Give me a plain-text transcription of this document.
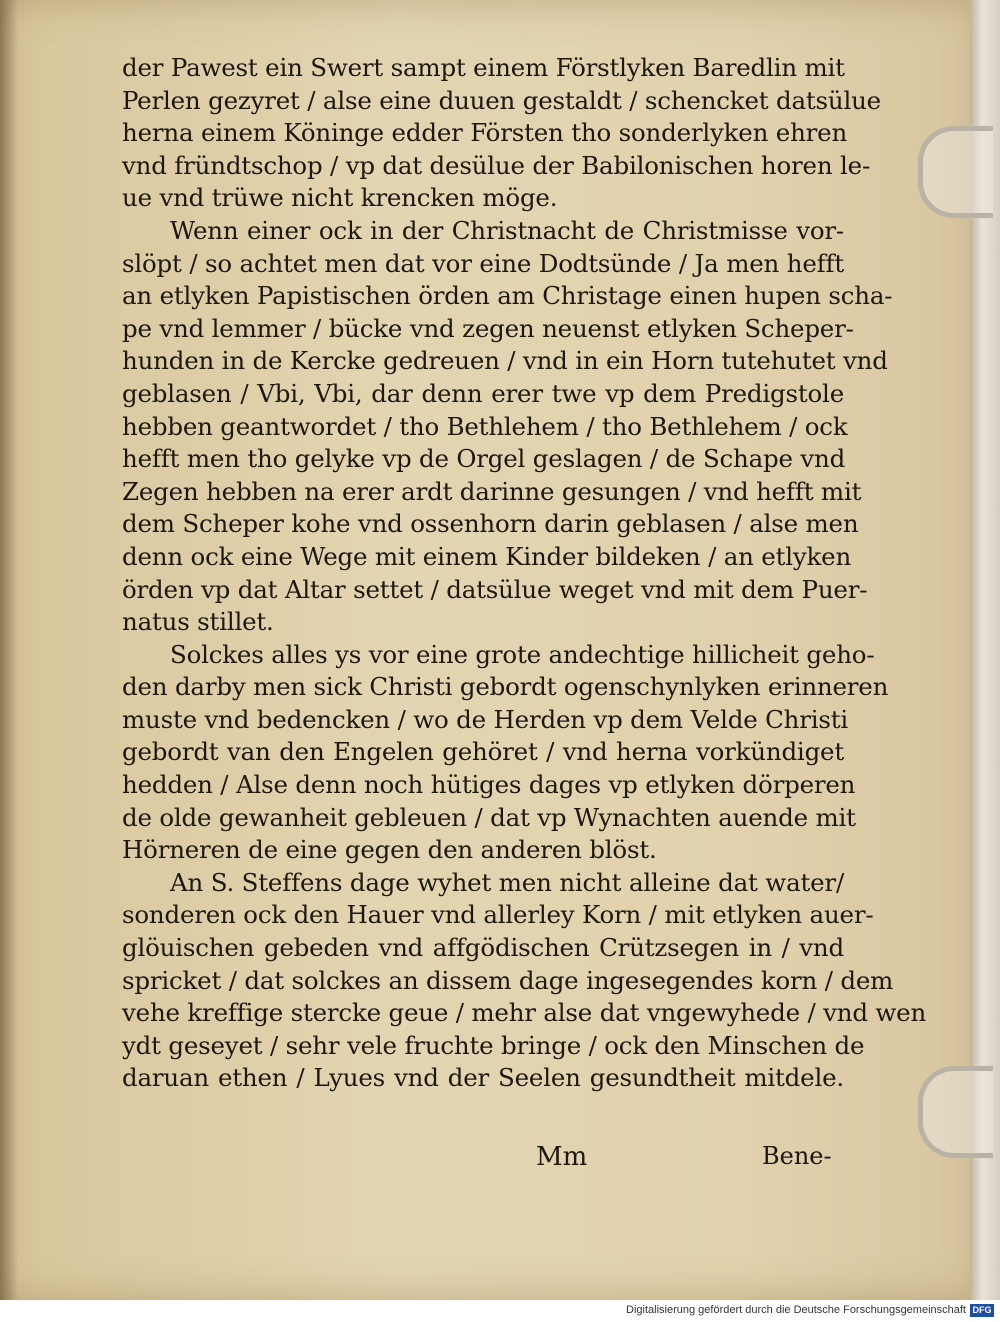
der Pawest ein Swert sampt einem Förstlyken Baredlin mit
Perlen gezyret / alse eine duuen gestaldt / schencket datsülue
herna einem Köninge edder Försten tho sonderlyken ehren
vnd fründtschop / vp dat desülue der Babilonischen horen le-
ue vnd trüwe nicht krencken möge.
Wenn einer ock in der Christnacht de Christmisse vor-
slöpt / so achtet men dat vor eine Dodtsünde / Ja men hefft
an etlyken Papistischen örden am Christage einen hupen scha-
pe vnd lemmer / bücke vnd zegen neuenst etlyken Scheper-
hunden in de Kercke gedreuen / vnd in ein Horn tutehutet vnd
geblasen / Vbi, Vbi, dar denn erer twe vp dem Predigstole
hebben geantwordet / tho Bethlehem / tho Bethlehem / ock
hefft men tho gelyke vp de Orgel geslagen / de Schape vnd
Zegen hebben na erer ardt darinne gesungen / vnd hefft mit
dem Scheper kohe vnd ossenhorn darin geblasen / alse men
denn ock eine Wege mit einem Kinder bildeken / an etlyken
örden vp dat Altar settet / datsülue weget vnd mit dem Puer-
natus stillet.
Solckes alles ys vor eine grote andechtige hillicheit geho-
den darby men sick Christi gebordt ogenschynlyken erinneren
muste vnd bedencken / wo de Herden vp dem Velde Christi
gebordt van den Engelen gehöret / vnd herna vorkündiget
hedden / Alse denn noch hütiges dages vp etlyken dörperen
de olde gewanheit gebleuen / dat vp Wynachten auende mit
Hörneren de eine gegen den anderen blöst.
An S. Steffens dage wyhet men nicht alleine dat water/
sonderen ock den Hauer vnd allerley Korn / mit etlyken auer-
glöuischen gebeden vnd affgödischen Crützsegen in / vnd
spricket / dat solckes an dissem dage ingesegendes korn / dem
vehe kreffige stercke geue / mehr alse dat vngewyhede / vnd wen
ydt geseyet / sehr vele fruchte bringe / ock den Minschen de
daruan ethen / Lyues vnd der Seelen gesundtheit mitdele.
Mm	Bene-
Digitalisierung gefördert durch die Deutsche Forschungsgemeinschaft DFG
